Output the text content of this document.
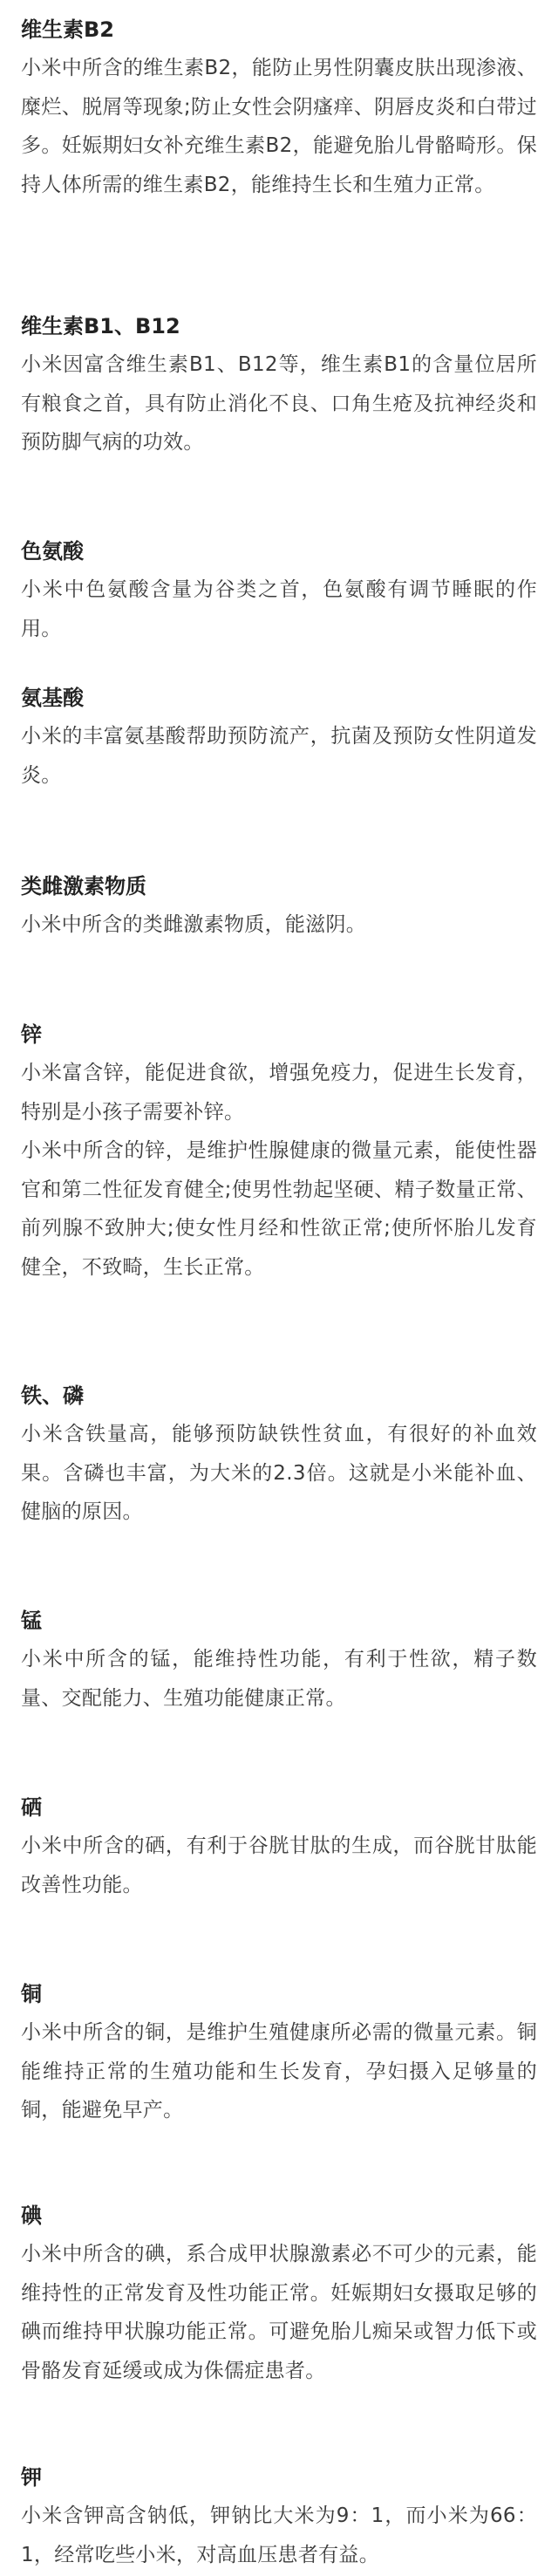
维生素B2

小米中所含的维生素B2，能防止男性阴囊皮肤出现渗液、糜烂、脱屑等现象;防止女性会阴瘙痒、阴唇皮炎和白带过多。妊娠期妇女补充维生素B2，能避免胎儿骨骼畸形。保持人体所需的维生素B2，能维持生长和生殖力正常。

维生素B1、B12

小米因富含维生素B1、B12等，维生素B1的含量位居所有粮食之首，具有防止消化不良、口角生疮及抗神经炎和预防脚气病的功效。

色氨酸

小米中色氨酸含量为谷类之首，色氨酸有调节睡眠的作用。

氨基酸

小米的丰富氨基酸帮助预防流产，抗菌及预防女性阴道发炎。

类雌激素物质

小米中所含的类雌激素物质，能滋阴。

锌

小米富含锌，能促进食欲，增强免疫力，促进生长发育，特别是小孩子需要补锌。

小米中所含的锌，是维护性腺健康的微量元素，能使性器官和第二性征发育健全;使男性勃起坚硬、精子数量正常、前列腺不致肿大;使女性月经和性欲正常;使所怀胎儿发育健全，不致畸，生长正常。

铁、磷

小米含铁量高，能够预防缺铁性贫血，有很好的补血效果。含磷也丰富，为大米的2.3倍。这就是小米能补血、健脑的原因。

锰

小米中所含的锰，能维持性功能，有利于性欲，精子数量、交配能力、生殖功能健康正常。

硒

小米中所含的硒，有利于谷胱甘肽的生成，而谷胱甘肽能改善性功能。

铜

小米中所含的铜，是维护生殖健康所必需的微量元素。铜能维持正常的生殖功能和生长发育，孕妇摄入足够量的铜，能避免早产。

碘

小米中所含的碘，系合成甲状腺激素必不可少的元素，能维持性的正常发育及性功能正常。妊娠期妇女摄取足够的碘而维持甲状腺功能正常。可避免胎儿痴呆或智力低下或骨骼发育延缓或成为侏儒症患者。

钾

小米含钾高含钠低，钾钠比大米为9：1，而小米为66：1，经常吃些小米，对高血压患者有益。
